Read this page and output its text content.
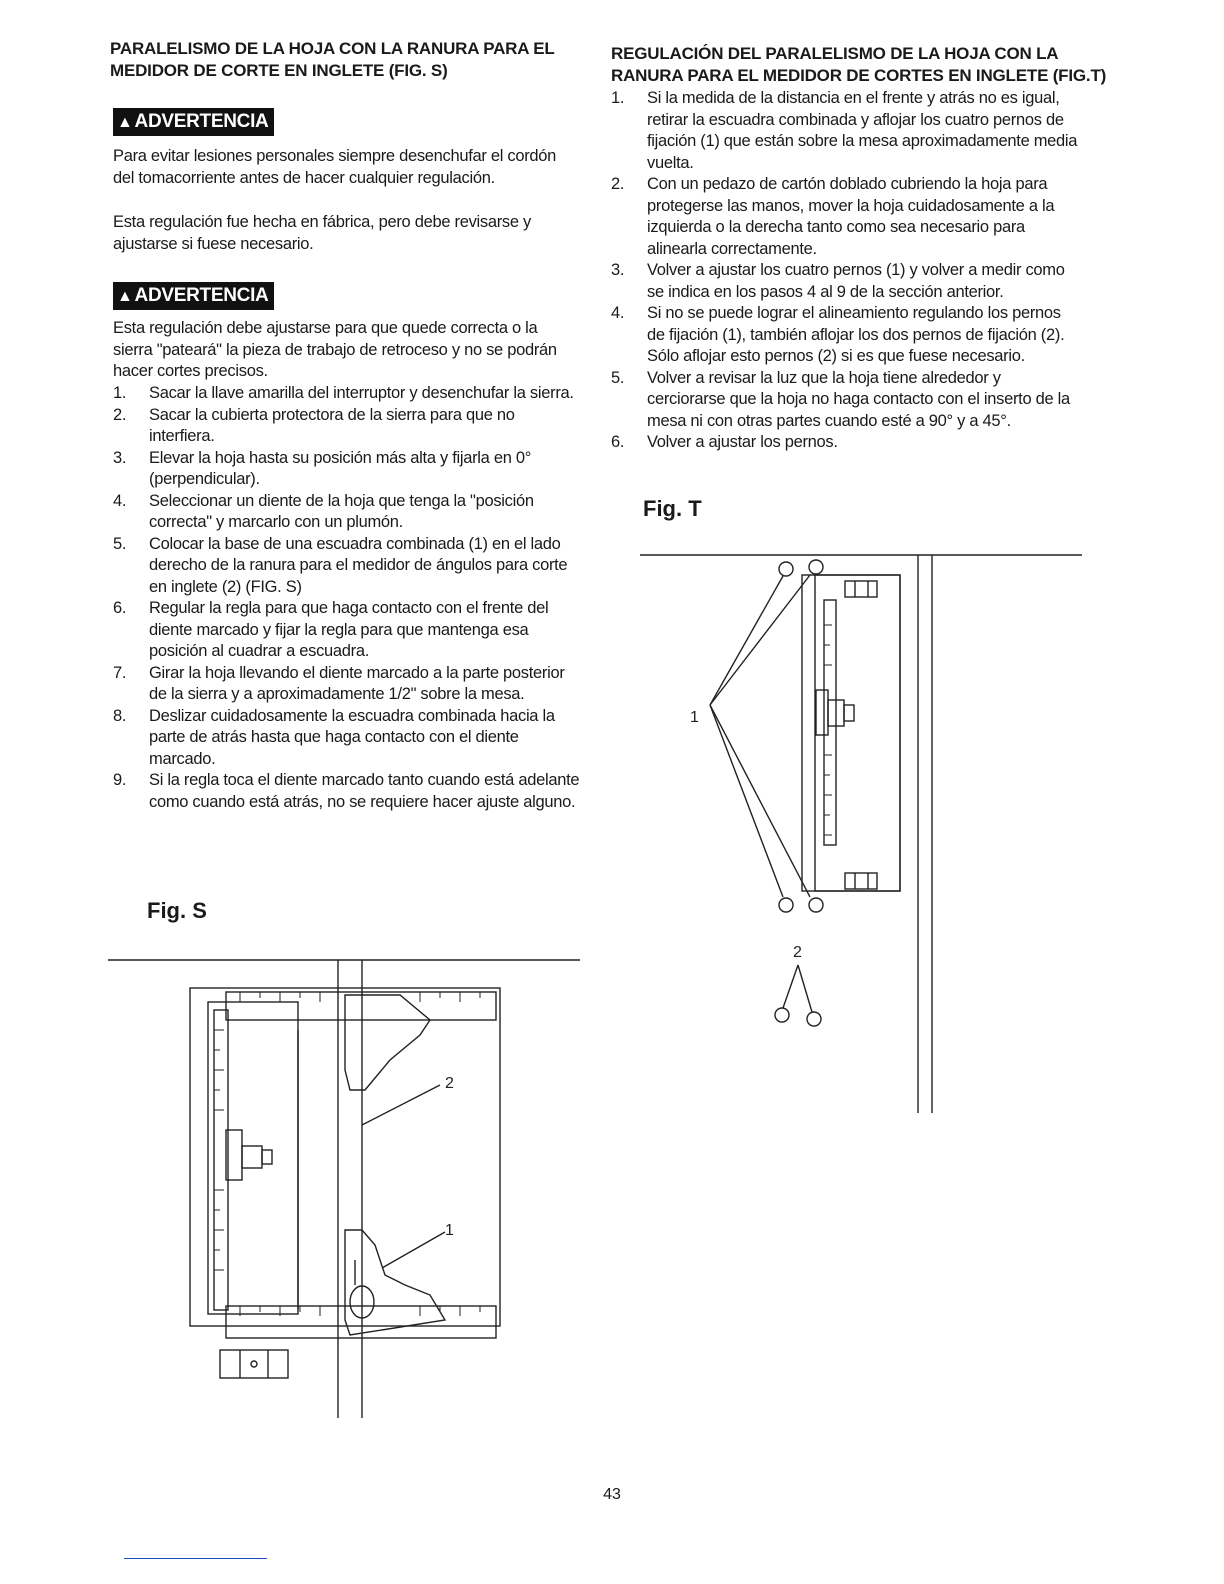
PARALELISMO DE LA HOJA CON LA RANURA PARA EL
MEDIDOR DE CORTE EN INGLETE (FIG. S)
▲ ADVERTENCIA

Para evitar lesiones personales siempre desenchufar el cordón del tomacorriente antes de hacer cualquier regulación.

Esta regulación fue hecha en fábrica, pero debe revisarse y ajustarse si fuese necesario.

▲ ADVERTENCIA

Esta regulación debe ajustarse para que quede correcta o la sierra "pateará" la pieza de trabajo de retroceso y no se podrán hacer cortes precisos.

1. Sacar la llave amarilla del interruptor y desenchufar la sierra.
2. Sacar la cubierta protectora de la sierra para que no interfiera.
3. Elevar la hoja hasta su posición más alta y fijarla en 0° (perpendicular).
4. Seleccionar un diente de la hoja que tenga la "posición correcta" y marcarlo con un plumón.
5. Colocar la base de una escuadra combinada (1) en el lado derecho de la ranura para el medidor de ángulos para corte en inglete (2) (FIG. S)
6. Regular la regla para que haga contacto con el frente del diente marcado y fijar la regla para que mantenga esa posición al cuadrar a escuadra.
7. Girar la hoja llevando el diente marcado a la parte posterior de la sierra y a aproximadamente 1/2" sobre la mesa.
8. Deslizar cuidadosamente la escuadra combinada hacia la parte de atrás hasta que haga contacto con el diente marcado.
9. Si la regla toca el diente marcado tanto cuando está adelante como cuando está atrás, no se requiere hacer ajuste alguno.
Fig. S
2
1
REGULACIÓN DEL PARALELISMO DE LA HOJA CON LA
RANURA PARA EL MEDIDOR DE CORTES EN INGLETE (FIG.T)
1. Si la medida de la distancia en el frente y atrás no es igual, retirar la escuadra combinada y aflojar los cuatro pernos de fijación (1) que están sobre la mesa aproximadamente media vuelta.
2. Con un pedazo de cartón doblado cubriendo la hoja para protegerse las manos, mover la hoja cuidadosamente a la izquierda o la derecha tanto como sea necesario para alinearla correctamente.
3. Volver a ajustar los cuatro pernos (1) y volver a medir como se indica en los pasos 4 al 9 de la sección anterior.
4. Si no se puede lograr el alineamiento regulando los pernos de fijación (1), también aflojar los dos pernos de fijación (2). Sólo aflojar esto pernos (2) si es que fuese necesario.
5. Volver a revisar la luz que la hoja tiene alrededor y cerciorarse que la hoja no haga contacto con el inserto de la mesa ni con otras partes cuando esté a 90° y a 45°.
6. Volver a ajustar los pernos.
Fig. T
1
2
43
